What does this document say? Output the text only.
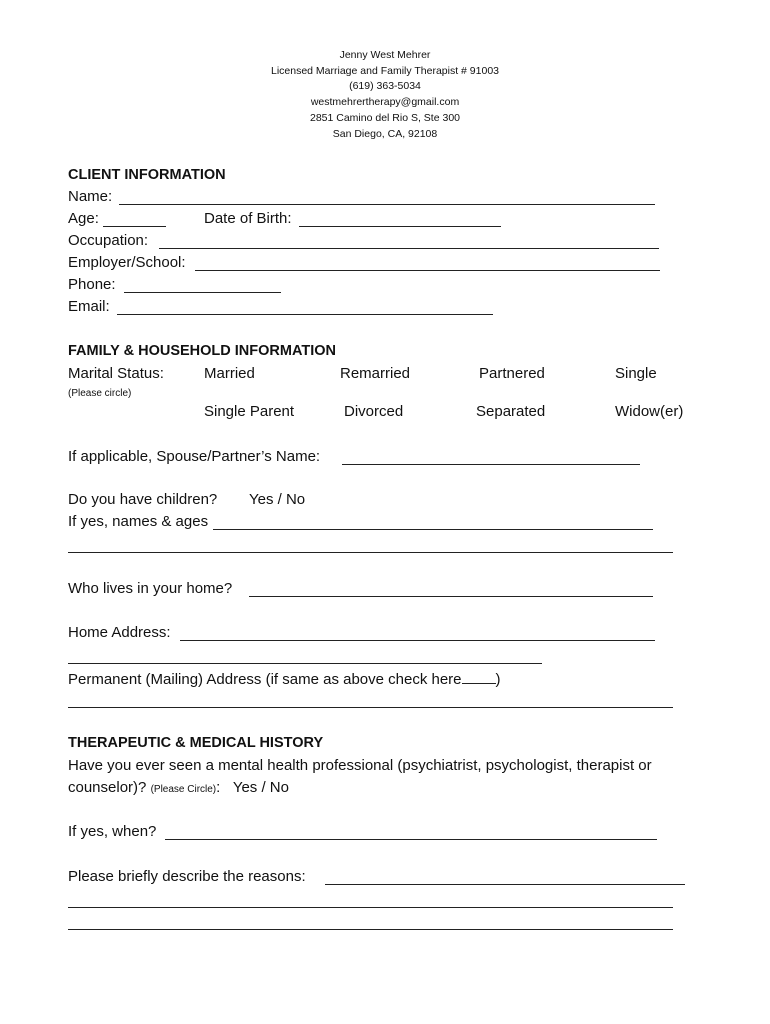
Jenny West Mehrer
Licensed Marriage and Family Therapist # 91003
(619) 363-5034
westmehrertherapy@gmail.com
2851 Camino del Rio S, Ste 300
San Diego, CA, 92108
CLIENT INFORMATION
Name:
Age:	Date of Birth:
Occupation:
Employer/School:
Phone:
Email:
FAMILY & HOUSEHOLD INFORMATION
Marital Status:
(Please circle)
Married	Remarried	Partnered	Single
Single Parent	Divorced	Separated	Widow(er)
If applicable, Spouse/Partner’s Name:
Do you have children? Yes / No
If yes, names & ages
Who lives in your home?
Home Address:
Permanent (Mailing) Address (if same as above check here )
THERAPEUTIC & MEDICAL HISTORY
Have you ever seen a mental health professional (psychiatrist, psychologist, therapist or
counselor)? (Please Circle): Yes / No
If yes, when?
Please briefly describe the reasons:
